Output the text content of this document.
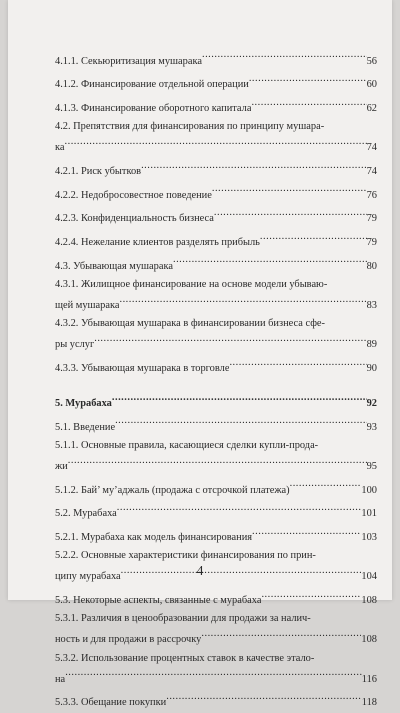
4.1.1. Секьюритизация мушарака .....	56
4.1.2. Финансирование отдельной операции .....	60
4.1.3. Финансирование оборотного капитала .....	62
4.2. Препятствия для финансирования по принципу мушара-
ка .....	74
4.2.1. Риск убытков .....	74
4.2.2. Недобросовестное поведение .....	76
4.2.3. Конфиденциальность бизнеса .....	79
4.2.4. Нежелание клиентов разделять прибыль .....	79
4.3. Убывающая мушарака .....	80
4.3.1. Жилищное финансирование на основе модели убываю-
щей мушарака .....	83
4.3.2. Убывающая мушарака в финансировании бизнеса сфе-
ры услуг .....	89
4.3.3. Убывающая мушарака в торговле .....	90
5. Мурабаха .....	92
5.1. Введение .....	93
5.1.1. Основные правила, касающиеся сделки купли-прода-
жи .....	95
5.1.2. Бай’ му’аджаль (продажа с отсрочкой платежа) .....	100
5.2. Мурабаха .....	101
5.2.1. Мурабаха как модель финансирования .....	103
5.2.2. Основные характеристики финансирования по прин-
ципу мурабаха .....	104
5.3. Некоторые аспекты, связанные с мурабаха .....	108
5.3.1. Различия в ценообразовании для продажи за налич-
ность и для продажи в рассрочку .....	108
5.3.2. Использование процентных ставок в качестве этало-
на .....	116
5.3.3. Обещание покупки .....	118
4
